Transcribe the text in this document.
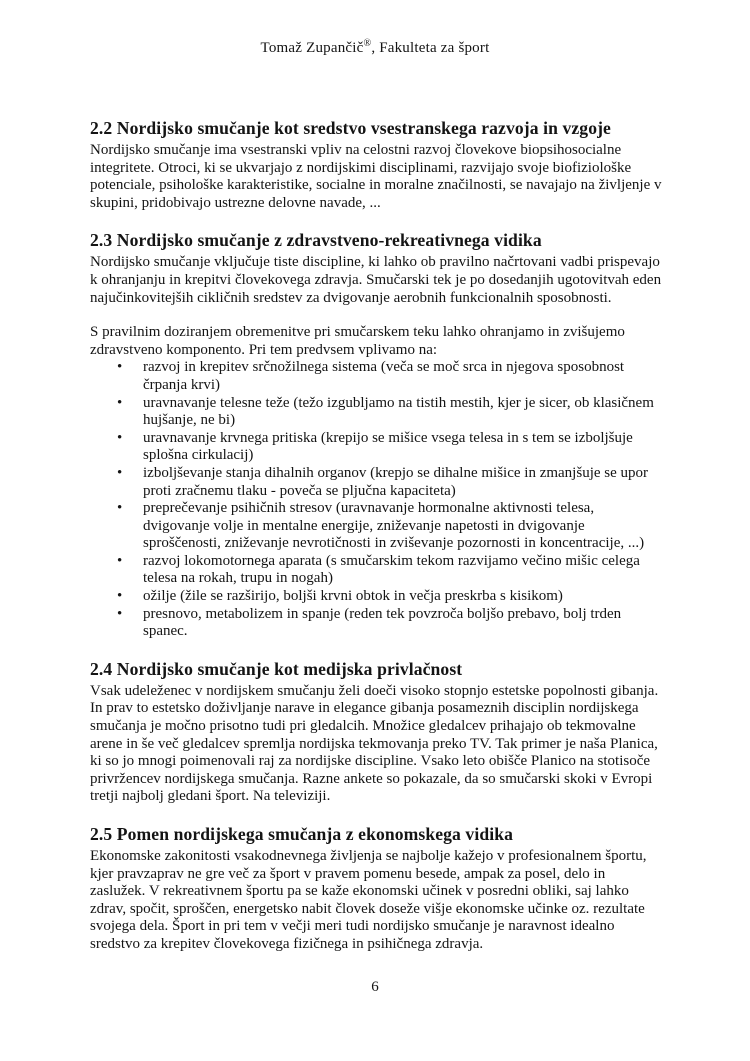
Tomaž Zupančič®, Fakulteta za šport
2.2 Nordijsko smučanje kot sredstvo vsestranskega razvoja in vzgoje

Nordijsko smučanje ima vsestranski vpliv na celostni razvoj človekove biopsihosocialne integritete. Otroci, ki se ukvarjajo z nordijskimi disciplinami, razvijajo svoje biofiziološke potenciale, psihološke karakteristike, socialne in moralne značilnosti, se navajajo na življenje v skupini, pridobivajo ustrezne delovne navade, ...

2.3 Nordijsko smučanje z zdravstveno-rekreativnega vidika

Nordijsko smučanje vključuje tiste discipline, ki lahko ob pravilno načrtovani vadbi prispevajo k ohranjanju in krepitvi človekovega zdravja. Smučarski tek je po dosedanjih ugotovitvah eden najučinkovitejših cikličnih sredstev za dvigovanje aerobnih funkcionalnih sposobnosti.

S pravilnim doziranjem obremenitve pri smučarskem teku lahko ohranjamo in zvišujemo zdravstveno komponento. Pri tem predvsem vplivamo na:

• razvoj in krepitev srčnožilnega sistema (veča se moč srca in njegova sposobnost črpanja krvi)
• uravnavanje telesne teže (težo izgubljamo na tistih mestih, kjer je sicer, ob klasičnem hujšanje, ne bi)
• uravnavanje krvnega pritiska (krepijo se mišice vsega telesa in s tem se izboljšuje splošna cirkulacij)
• izboljševanje stanja dihalnih organov (krepjo se dihalne mišice in zmanjšuje se upor proti zračnemu tlaku - poveča se pljučna kapaciteta)
• preprečevanje psihičnih stresov (uravnavanje hormonalne aktivnosti telesa, dvigovanje volje in mentalne energije, zniževanje napetosti in dvigovanje sproščenosti, zniževanje nevrotičnosti in zviševanje pozornosti in koncentracije, ...)
• razvoj lokomotornega aparata (s smučarskim tekom razvijamo večino mišic celega telesa na rokah, trupu in nogah)
• ožilje (žile se razširijo, boljši krvni obtok in večja preskrba s kisikom)
• presnovo, metabolizem in spanje (reden tek povzroča boljšo prebavo, bolj trden spanec.
2.4 Nordijsko smučanje kot medijska privlačnost

Vsak udeleženec v nordijskem smučanju želi doeči visoko stopnjo estetske popolnosti gibanja. In prav to estetsko doživljanje narave in elegance gibanja posameznih disciplin nordijskega smučanja je močno prisotno tudi pri gledalcih. Množice gledalcev prihajajo ob tekmovalne arene in še več gledalcev spremlja nordijska tekmovanja preko TV. Tak primer je naša Planica, ki so jo mnogi poimenovali raj za nordijske discipline. Vsako leto obišče Planico na stotisoče privržencev nordijskega smučanja. Razne ankete so pokazale, da so smučarski skoki v Evropi tretji najbolj gledani šport. Na televiziji.

2.5 Pomen nordijskega smučanja z ekonomskega vidika

Ekonomske zakonitosti vsakodnevnega življenja se najbolje kažejo v profesionalnem športu, kjer pravzaprav ne gre več za šport v pravem pomenu besede, ampak za posel, delo in zaslužek. V rekreativnem športu pa se kaže ekonomski učinek v posredni obliki, saj lahko zdrav, spočit, sproščen, energetsko nabit človek doseže višje ekonomske učinke oz. rezultate svojega dela. Šport in pri tem v večji meri tudi nordijsko smučanje je naravnost idealno sredstvo za krepitev človekovega fizičnega in psihičnega zdravja.

6
